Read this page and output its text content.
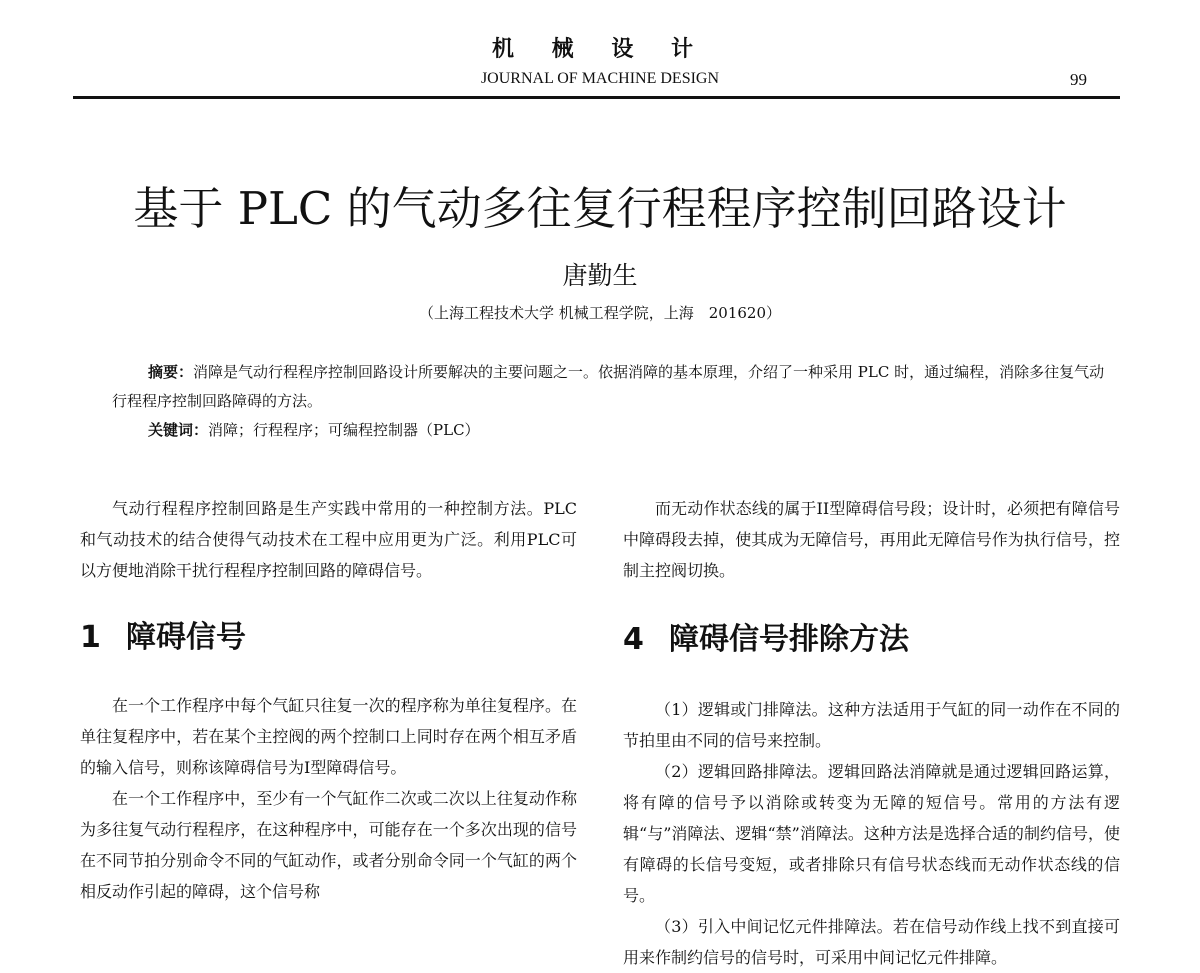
机 械 设 计
JOURNAL OF MACHINE DESIGN	99
基于 PLC 的气动多往复行程程序控制回路设计
唐勤生
（上海工程技术大学 机械工程学院，上海　201620）

摘要：消障是气动行程程序控制回路设计所要解决的主要问题之一。依据消障的基本原理，介绍了一种采用 PLC 时，通过编程，消除多往复气动行程程序控制回路障碍的方法。

关键词：消障；行程程序；可编程控制器（PLC）

气动行程程序控制回路是生产实践中常用的一种控制方法。PLC和气动技术的结合使得气动技术在工程中应用更为广泛。利用PLC可以方便地消除干扰行程程序控制回路的障碍信号。

1 障碍信号

在一个工作程序中每个气缸只往复一次的程序称为单往复程序。在单往复程序中，若在某个主控阀的两个控制口上同时存在两个相互矛盾的输入信号，则称该障碍信号为I型障碍信号。

在一个工作程序中，至少有一个气缸作二次或二次以上往复动作称为多往复气动行程程序，在这种程序中，可能存在一个多次出现的信号在不同节拍分别命令不同的气缸动作，或者分别命令同一个气缸的两个相反动作引起的障碍，这个信号称

而无动作状态线的属于II型障碍信号段；设计时，必须把有障信号中障碍段去掉，使其成为无障信号，再用此无障信号作为执行信号，控制主控阀切换。

4 障碍信号排除方法

（1）逻辑或门排障法。这种方法适用于气缸的同一动作在不同的节拍里由不同的信号来控制。

（2）逻辑回路排障法。逻辑回路法消障就是通过逻辑回路运算，将有障的信号予以消除或转变为无障的短信号。常用的方法有逻辑“与”消障法、逻辑“禁”消障法。这种方法是选择合适的制约信号，使有障碍的长信号变短，或者排除只有信号状态线而无动作状态线的信号。

（3）引入中间记忆元件排障法。若在信号动作线上找不到直接可用来作制约信号的信号时，可采用中间记忆元件排障。
